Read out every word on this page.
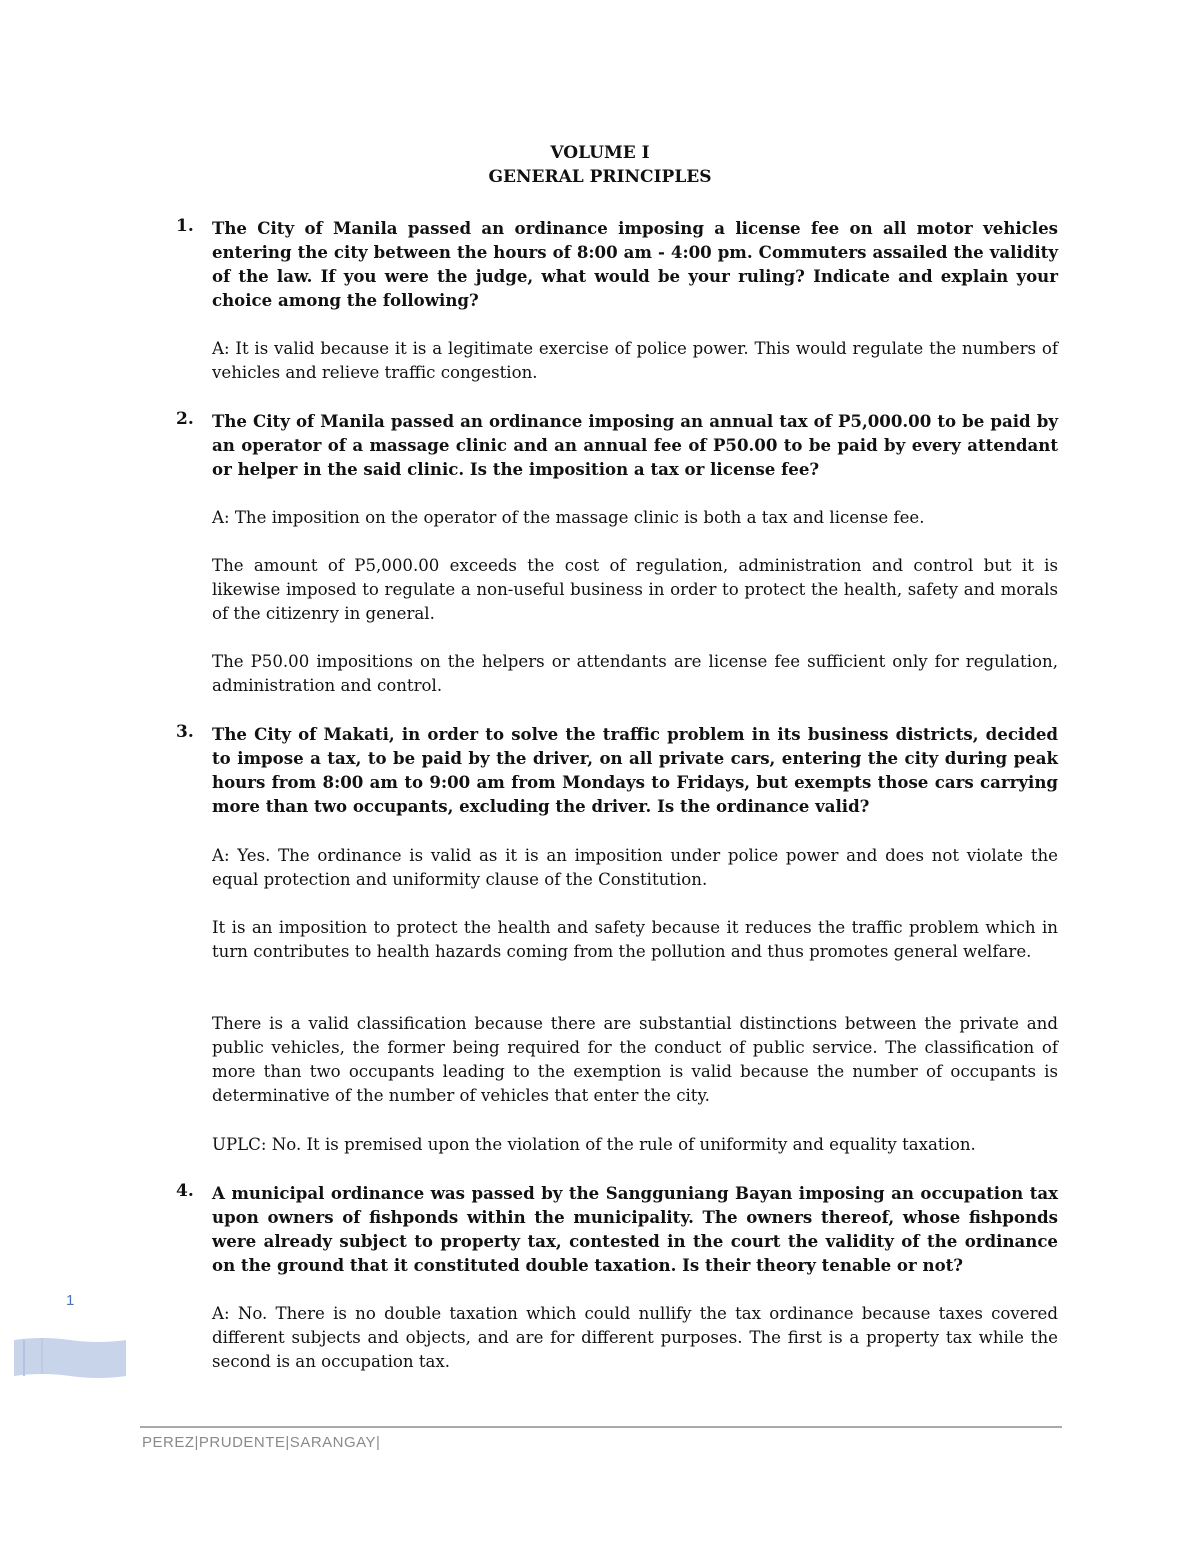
VOLUME I
GENERAL PRINCIPLES
1. The City of Manila passed an ordinance imposing a license fee on all motor vehicles entering the city between the hours of 8:00 am - 4:00 pm. Commuters assailed the validity of the law. If you were the judge, what would be your ruling? Indicate and explain your choice among the following?

A: It is valid because it is a legitimate exercise of police power. This would regulate the numbers of vehicles and relieve traffic congestion.

2. The City of Manila passed an ordinance imposing an annual tax of P5,000.00 to be paid by an operator of a massage clinic and an annual fee of P50.00 to be paid by every attendant or helper in the said clinic. Is the imposition a tax or license fee?

A: The imposition on the operator of the massage clinic is both a tax and license fee.

The amount of P5,000.00 exceeds the cost of regulation, administration and control but it is likewise imposed to regulate a non-useful business in order to protect the health, safety and morals of the citizenry in general.

The P50.00 impositions on the helpers or attendants are license fee sufficient only for regulation, administration and control.

3. The City of Makati, in order to solve the traffic problem in its business districts, decided to impose a tax, to be paid by the driver, on all private cars, entering the city during peak hours from 8:00 am to 9:00 am from Mondays to Fridays, but exempts those cars carrying more than two occupants, excluding the driver. Is the ordinance valid?

A: Yes. The ordinance is valid as it is an imposition under police power and does not violate the equal protection and uniformity clause of the Constitution.

It is an imposition to protect the health and safety because it reduces the traffic problem which in turn contributes to health hazards coming from the pollution and thus promotes general welfare.

There is a valid classification because there are substantial distinctions between the private and public vehicles, the former being required for the conduct of public service. The classification of more than two occupants leading to the exemption is valid because the number of occupants is determinative of the number of vehicles that enter the city.

UPLC: No. It is premised upon the violation of the rule of uniformity and equality taxation.

4. A municipal ordinance was passed by the Sangguniang Bayan imposing an occupation tax upon owners of fishponds within the municipality. The owners thereof, whose fishponds were already subject to property tax, contested in the court the validity of the ordinance on the ground that it constituted double taxation. Is their theory tenable or not?

A: No. There is no double taxation which could nullify the tax ordinance because taxes covered different subjects and objects, and are for different purposes. The first is a property tax while the second is an occupation tax.

1
PEREZ|PRUDENTE|SARANGAY|
